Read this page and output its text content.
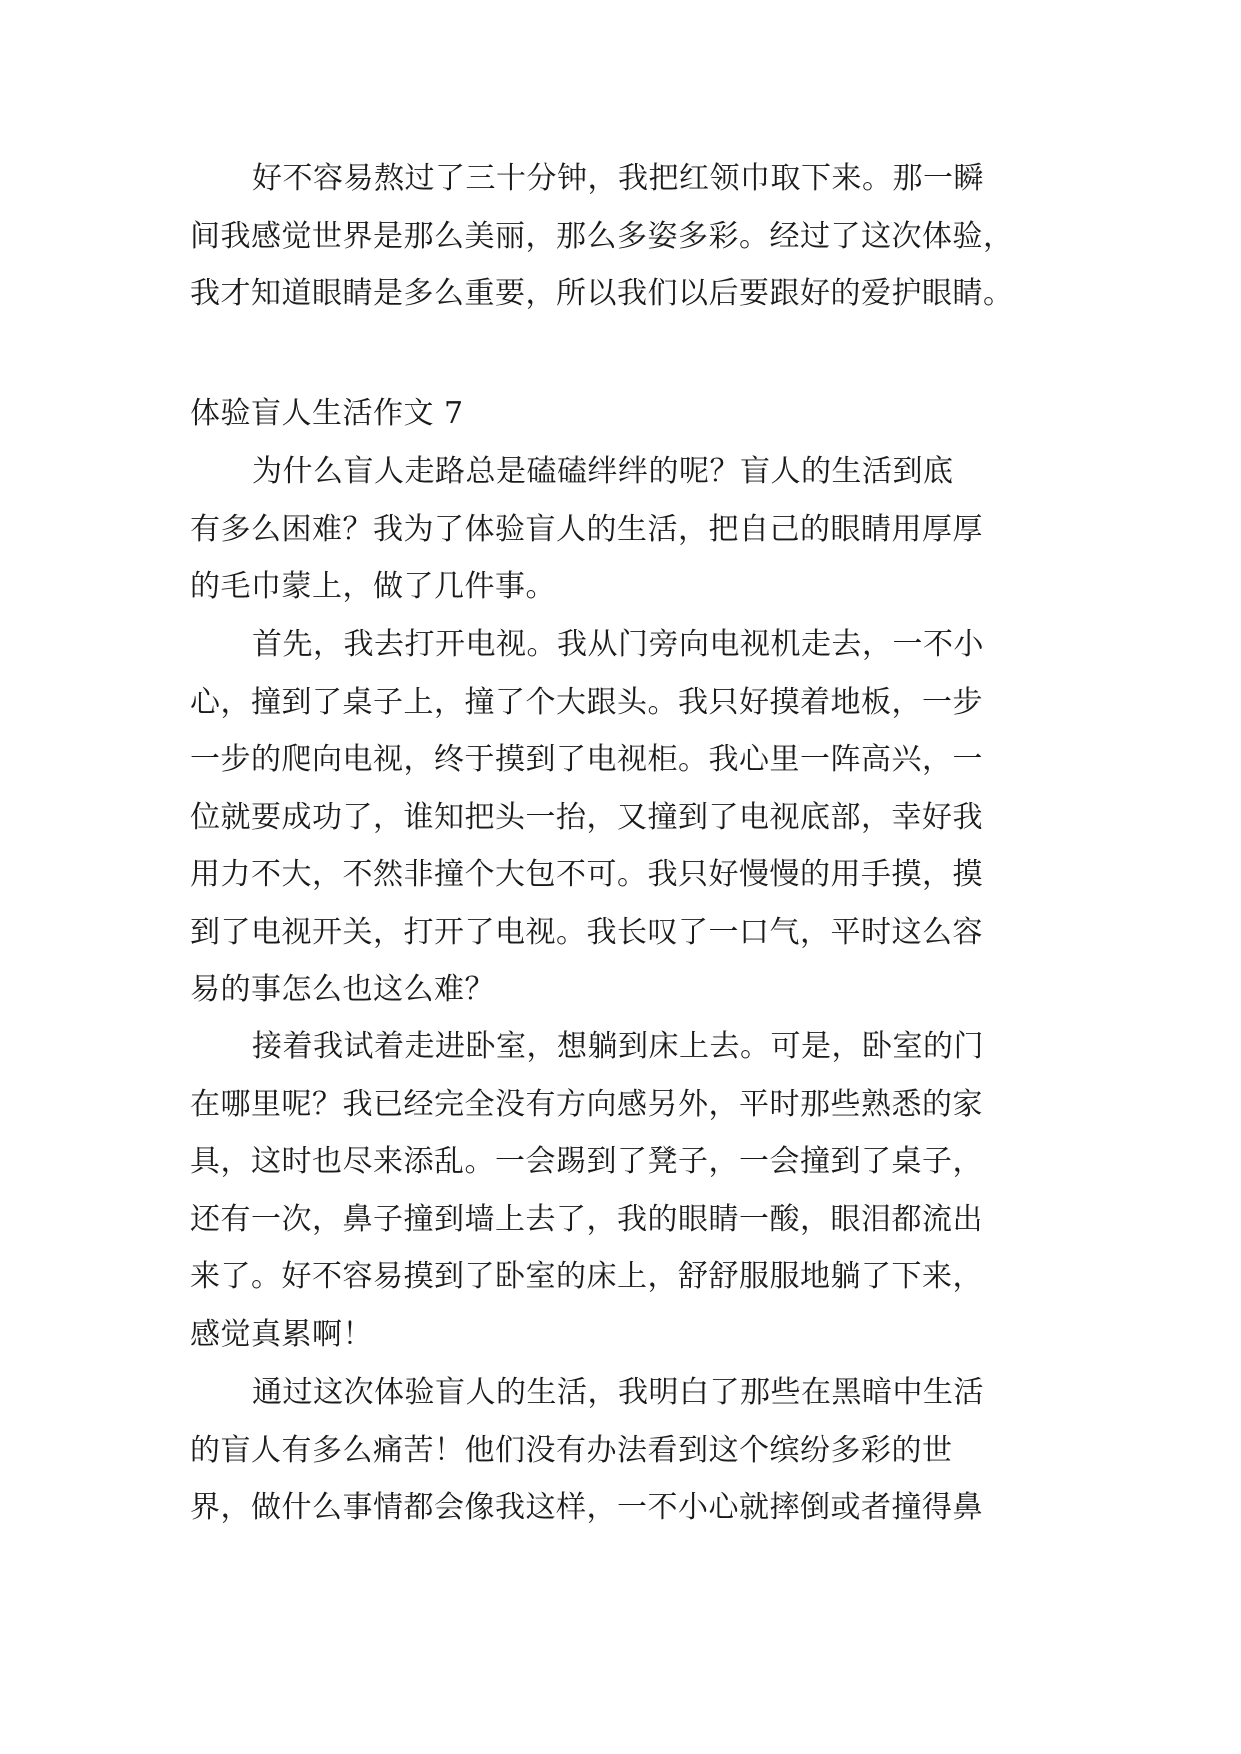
好不容易熬过了三十分钟，我把红领巾取下来。那一瞬
间我感觉世界是那么美丽，那么多姿多彩。经过了这次体验，
我才知道眼睛是多么重要，所以我们以后要跟好的爱护眼睛。
体验盲人生活作文 7
为什么盲人走路总是磕磕绊绊的呢？盲人的生活到底
有多么困难？我为了体验盲人的生活，把自己的眼睛用厚厚
的毛巾蒙上，做了几件事。
首先，我去打开电视。我从门旁向电视机走去，一不小
心，撞到了桌子上，撞了个大跟头。我只好摸着地板，一步
一步的爬向电视，终于摸到了电视柜。我心里一阵高兴，一
位就要成功了，谁知把头一抬，又撞到了电视底部，幸好我
用力不大，不然非撞个大包不可。我只好慢慢的用手摸，摸
到了电视开关，打开了电视。我长叹了一口气，平时这么容
易的事怎么也这么难？
接着我试着走进卧室，想躺到床上去。可是，卧室的门
在哪里呢？我已经完全没有方向感另外，平时那些熟悉的家
具，这时也尽来添乱。一会踢到了凳子，一会撞到了桌子，
还有一次，鼻子撞到墙上去了，我的眼睛一酸，眼泪都流出
来了。好不容易摸到了卧室的床上，舒舒服服地躺了下来，
感觉真累啊！
通过这次体验盲人的生活，我明白了那些在黑暗中生活
的盲人有多么痛苦！他们没有办法看到这个缤纷多彩的世
界，做什么事情都会像我这样，一不小心就摔倒或者撞得鼻
